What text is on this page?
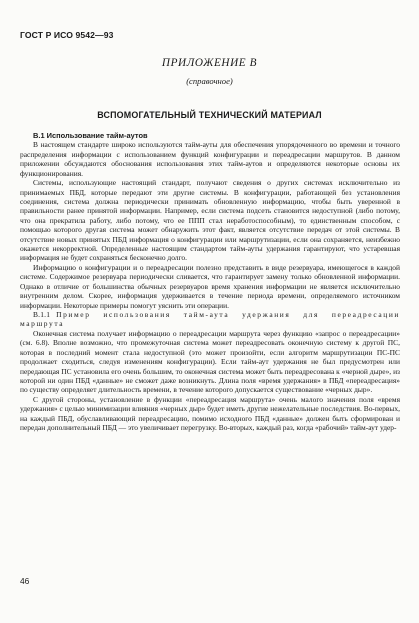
ГОСТ Р ИСО 9542—93
ПРИЛОЖЕНИЕ В
(справочное)
ВСПОМОГАТЕЛЬНЫЙ ТЕХНИЧЕСКИЙ МАТЕРИАЛ

В.1 Использование тайм-аутов

В настоящем стандарте широко используются тайм-ауты для обеспечения упорядоченного во времени и точного распределения информации с использованием функций конфигурации и переадресации маршрутов. В данном приложении обсуждаются обоснования использования этих тайм-аутов и определяются некоторые основы их функционирования.

Системы, использующие настоящий стандарт, получают сведения о других системах исключительно из принимаемых ПБД, которые передают эти другие системы. В конфигурации, работающей без установления соединения, система должна периодически принимать обновленную информацию, чтобы быть уверенной в правильности ранее принятой информации. Например, если система подсеть становится недоступной (либо потому, что она прекратила работу, либо потому, что ее ППП стал неработоспособным), то единственным способом, с помощью которого другая система может обнаружить этот факт, является отсутствие передач от этой системы. В отсутствие новых принятых ПБД информация о конфигурации или маршрутизации, если она сохраняется, неизбежно окажется некорректной. Определенные настоящим стандартом тайм-ауты удержания гарантируют, что устаревшая информация не будет сохраняться бесконечно долго.

Информацию о конфигурации и о переадресации полезно представить в виде резервуара, имеющегося в каждой системе. Содержимое резервуара периодически сливается, что гарантирует замену только обновленной информации. Однако в отличие от большинства обычных резервуаров время хранения информации не является исключительно внутренним делом. Скорее, информация удерживается в течение периода времени, определяемого источником информации. Некоторые примеры помогут уяснить эти операции.

В.1.1 Пример использования тайм-аута удержания для переадресации маршрута

Оконечная система получает информацию о переадресации маршрута через функцию «запрос о переадресации» (см. 6.8). Вполне возможно, что промежуточная система может переадресовать оконечную систему к другой ПС, которая в последний момент стала недоступной (это может произойти, если алгоритм маршрутизации ПС-ПС продолжает сходиться, следуя изменениям конфигурации). Если тайм-аут удержания не был предусмотрен или передающая ПС установила его очень большим, то оконечная система может быть переадресована к «черной дыре», из которой ни один ПБД «данные» не сможет даже возникнуть. Длина поля «время удержания» в ПБД «переадресация» по существу определяет длительность времени, в течение которого допускается существование «черных дыр».

С другой стороны, установление в функции «переадресация маршрута» очень малого значения поля «время удержания» с целью минимизации влияния «черных дыр» будет иметь другие нежелательные последствия. Во-первых, на каждый ПБД, обуславливающий переадресацию, помимо исходного ПБД «данные» должен быть сформирован и передан дополнительный ПБД — это увеличивает перегрузку. Во-вторых, каждый раз, когда «рабочий» тайм-аут удер-

46
